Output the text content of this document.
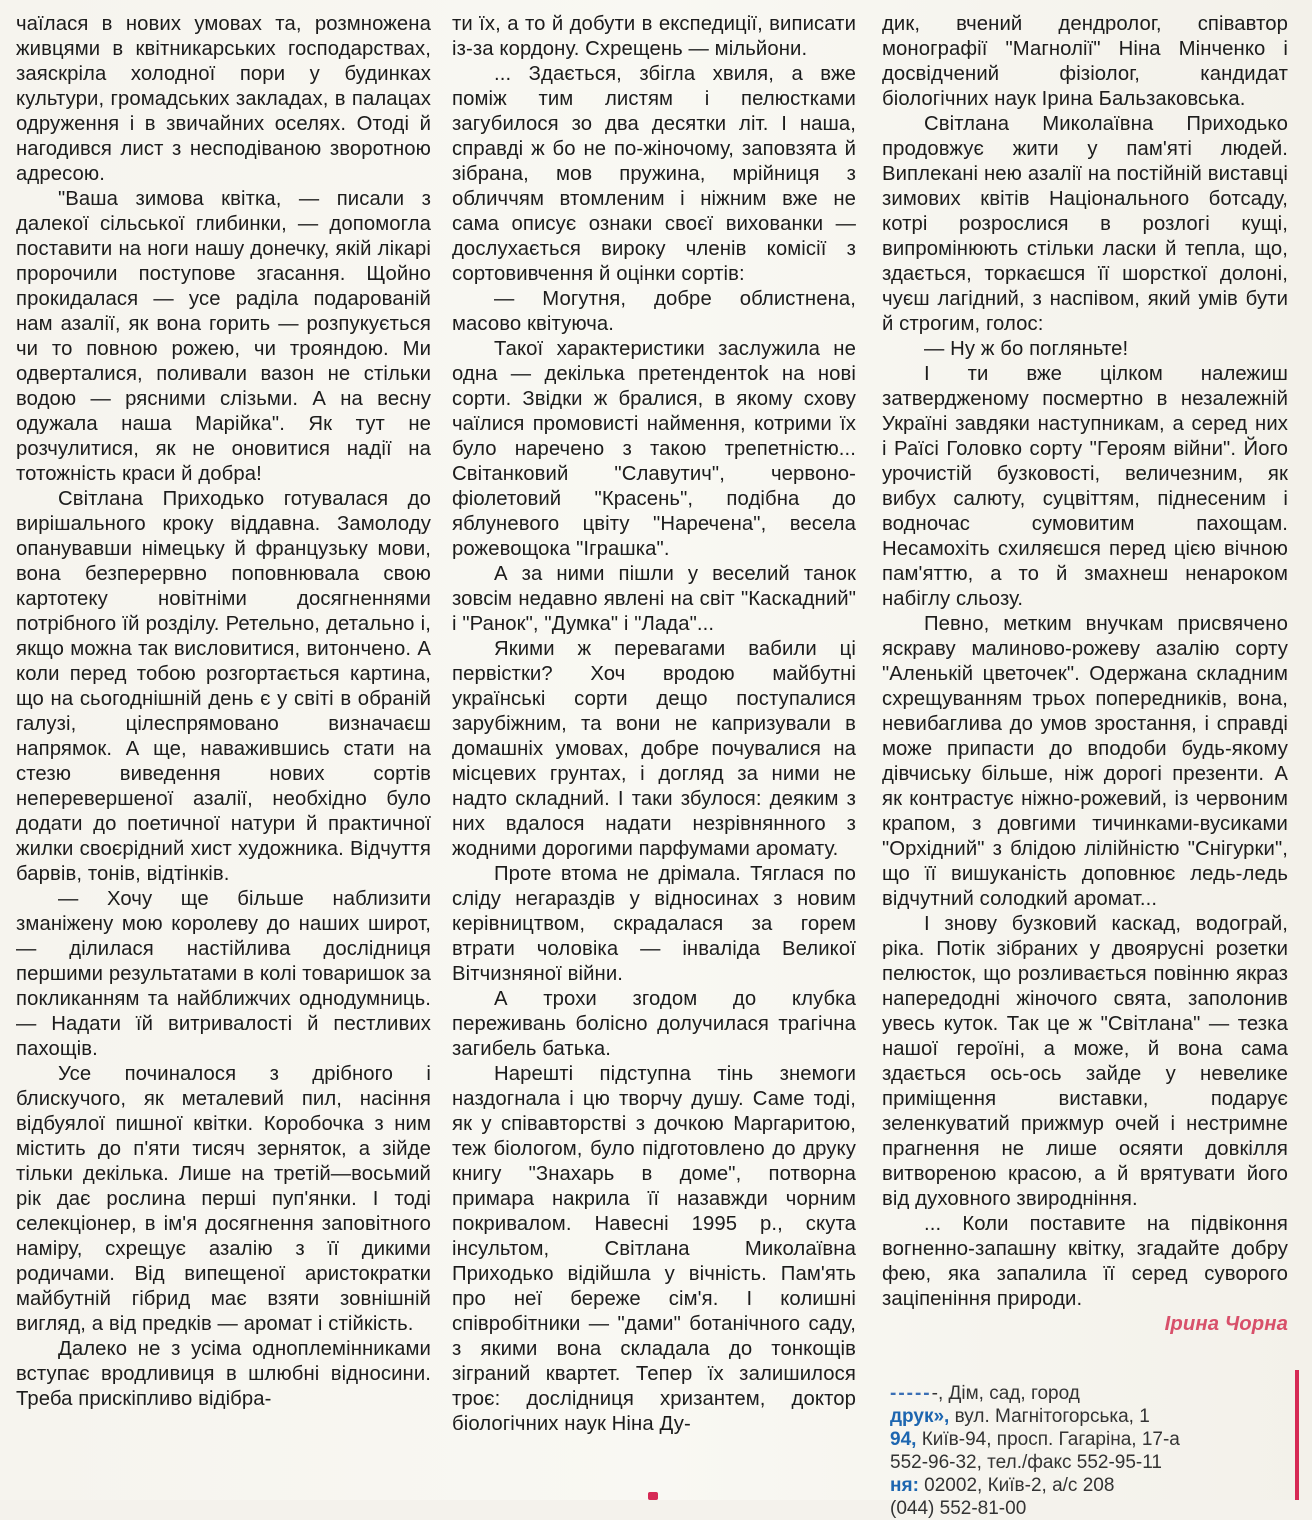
чаїлася в нових умовах та, розмножена живцями в квітникарських господарствах, заяскріла холодної пори у будинках культури, громадських закладах, в палацах одруження і в звичайних оселях. Отоді й нагодився лист з несподіваною зворотною адресою.

"Ваша зимова квітка, — писали з далекої сільської глибинки, — допомогла поставити на ноги нашу донечку, якій лікарі пророчили поступове згасання. Щойно прокидалася — усе раділа подарованій нам азалії, як вона горить — розпукується чи то повною рожею, чи трояндою. Ми одверталися, поливали вазон не стільки водою — рясними слізьми. А на весну одужала наша Марійка". Як тут не розчулитися, як не оновитися надії на тотожність краси й добра!

Світлана Приходько готувалася до вирішального кроку віддавна. Замолоду опанувавши німецьку й французьку мови, вона безперервно поповнювала свою картотеку новітніми досягненнями потрібного їй розділу. Ретельно, детально і, якщо можна так висловитися, витончено. А коли перед тобою розгортається картина, що на сьогоднішній день є у світі в обраній галузі, цілеспрямовано визначаєш напрямок. А ще, наважившись стати на стезю виведення нових сортів неперевершеної азалії, необхідно було додати до поетичної натури й практичної жилки своєрідний хист художника. Відчуття барвів, тонів, відтінків.

— Хочу ще більше наблизити зманіжену мою королеву до наших широт, — ділилася настійлива дослідниця першими результатами в колі товаришок за покликанням та найближчих однодумниць. — Надати їй витривалості й пестливих пахощів.

Усе починалося з дрібного і блискучого, як металевий пил, насіння відбуялої пишної квітки. Коробочка з ним містить до п'яти тисяч зерняток, а зійде тільки декілька. Лише на третій—восьмий рік дає рослина перші пуп'янки. І тоді селекціонер, в ім'я досягнення заповітного наміру, схрещує азалію з її дикими родичами. Від випещеної аристократки майбутній гібрид має взяти зовнішній вигляд, а від предків — аромат і стійкість.

Далеко не з усіма одноплемінниками вступає вродливиця в шлюбні відносини. Треба прискіпливо відібра-

ти їх, а то й добути в експедиції, виписати із-за кордону. Схрещень — мільйони.

... Здається, збігла хвиля, а вже поміж тим листям і пелюстками загубилося зо два десятки літ. І наша, справді ж бо не по-жіночому, заповзята й зібрана, мов пружина, мрійниця з обличчям втомленим і ніжним вже не сама описує ознаки своєї вихованки — дослухається вироку членів комісії з сортовивчення й оцінки сортів:

— Могутня, добре облистнена, масово квітуюча.

Такої характеристики заслужила не одна — декілька претендентok на нові сорти. Звідки ж бралися, в якому схову чаїлися промовисті наймення, котрими їх було наречено з такою трепетністю... Світанковий "Славутич", червоно-фіолетовий "Красень", подібна до яблуневого цвіту "Наречена", весела рожевощока "Іграшка".

А за ними пішли у веселий танок зовсім недавно явлені на світ "Каскадний" і "Ранок", "Думка" і "Лада"...

Якими ж перевагами вабили ці первістки? Хоч вродою майбутні українські сорти дещо поступалися зарубіжним, та вони не капризували в домашніх умовах, добре почувалися на місцевих грунтах, і догляд за ними не надто складний. І таки збулося: деяким з них вдалося надати незрівнянного з жодними дорогими парфумами аромату.

Проте втома не дрімала. Тяглася по сліду негараздів у відносинах з новим керівництвом, скрадалася за горем втрати чоловіка — інваліда Великої Вітчизняної війни.

А трохи згодом до клубка переживань болісно долучилася трагічна загибель батька.

Нарешті підступна тінь знемоги наздогнала і цю творчу душу. Саме тоді, як у співавторстві з дочкою Маргаритою, теж біологом, було підготовлено до друку книгу "Знахарь в доме", потворна примара накрила її назавжди чорним покривалом. Навесні 1995 р., скута інсультом, Світлана Миколаївна Приходько відійшла у вічність. Пам'ять про неї береже сім'я. І колишні співробітники — "дами" ботанічного саду, з якими вона складала до тонкощів зіграний квартет. Тепер їх залишилося троє: дослідниця хризантем, доктор біологічних наук Ніна Ду-

дик, вчений дендролог, співавтор монографії "Магнолії" Ніна Мінченко і досвідчений фізіолог, кандидат біологічних наук Ірина Бальзаковська.

Світлана Миколаївна Приходько продовжує жити у пам'яті людей. Виплекані нею азалії на постійній виставці зимових квітів Національного ботсаду, котрі розрослися в розлогі кущі, випромінюють стільки ласки й тепла, що, здається, торкаєшся її шорсткої долоні, чуєш лагідний, з наспівом, який умів бути й строгим, голос:

— Ну ж бо погляньте!

І ти вже цілком належиш затвердженому посмертно в незалежній Україні завдяки наступникам, а серед них і Раїсі Головко сорту "Героям війни". Його урочистій бузковості, величезним, як вибух салюту, суцвіттям, піднесеним і водночас сумовитим пахощам. Несамохіть схиляєшся перед цією вічною пам'яттю, а то й змахнеш ненароком набіглу сльозу.

Певно, метким внучкам присвячено яскраву малиново-рожеву азалію сорту "Аленькій цветочек". Одержана складним схрещуванням трьох попередників, вона, невибаглива до умов зростання, і справді може припасти до вподоби будь-якому дівчиську більше, ніж дорогі презенти. А як контрастує ніжно-рожевий, із червоним крапом, з довгими тичинками-вусиками "Орхідний" з блідою лілійністю "Снігурки", що її вишуканість доповнює ледь-ледь відчутний солодкий аромат...

І знову бузковий каскад, водограй, ріка. Потік зібраних у двоярусні розетки пелюсток, що розливається повінню якраз напередодні жіночого свята, заполонив увесь куток. Так це ж "Світлана" — тезка нашої героїні, а може, й вона сама здається ось-ось зайде у невелике приміщення виставки, подарує зеленкуватий прижмур очей і нестримне прагнення не лише осяяти довкілля витвореною красою, а й врятувати його від духовного звиродніння.

... Коли поставите на підвіконня вогненно-запашну квітку, згадайте добру фею, яка запалила її серед суворого заціпеніння природи.

Ірина Чорна

------, Дім, сад, город
друк», вул. Магнітогорська, 1
94, Київ-94, просп. Гагаріна, 17-а
552-96-32, тел./факс 552-95-11
ня: 02002, Київ-2, а/с 208
(044) 552-81-00
